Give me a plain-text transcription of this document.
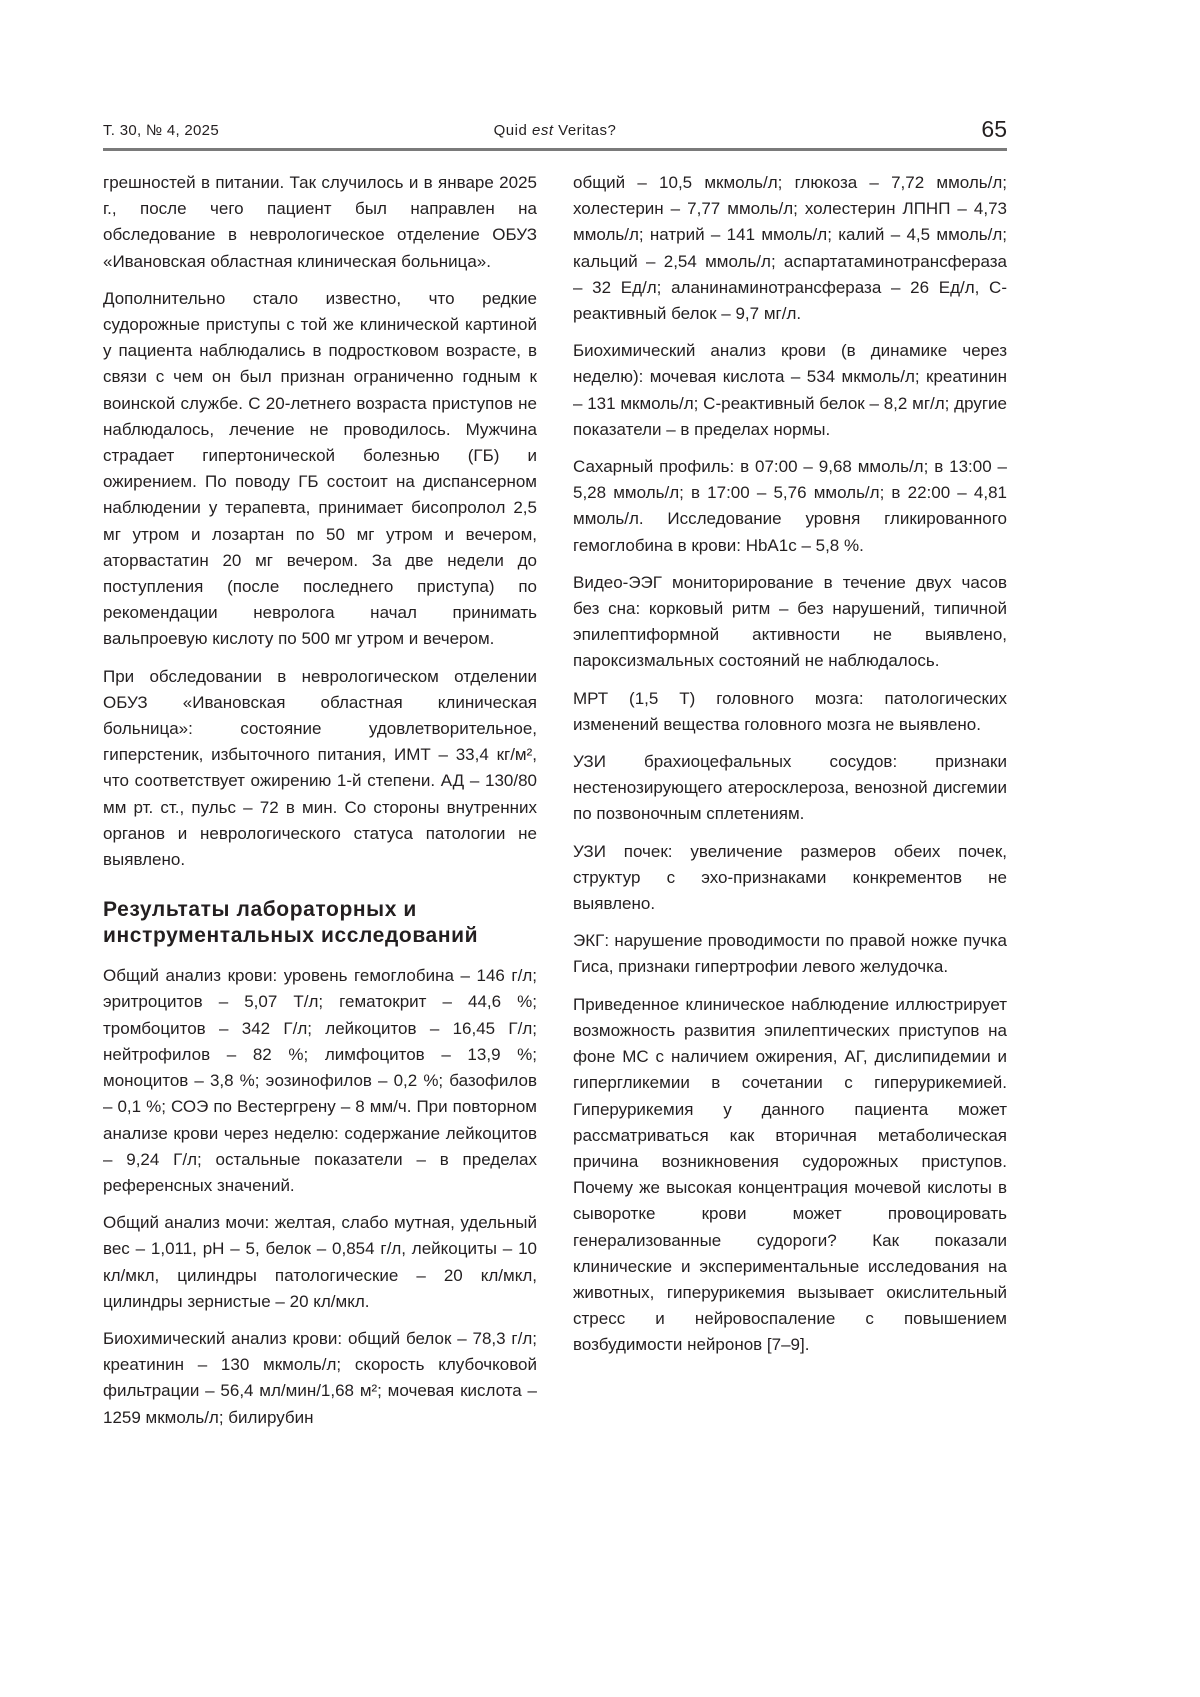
Т. 30, № 4, 2025	Quid est Veritas?	65

грешностей в питании. Так случилось и в январе 2025 г., после чего пациент был направлен на обследование в неврологическое отделение ОБУЗ «Ивановская областная клиническая больница».

Дополнительно стало известно, что редкие судорожные приступы с той же клинической картиной у пациента наблюдались в подростковом возрасте, в связи с чем он был признан ограниченно годным к воинской службе. С 20-летнего возраста приступов не наблюдалось, лечение не проводилось. Мужчина страдает гипертонической болезнью (ГБ) и ожирением. По поводу ГБ состоит на диспансерном наблюдении у терапевта, принимает бисопролол 2,5 мг утром и лозартан по 50 мг утром и вечером, аторвастатин 20 мг вечером. За две недели до поступления (после последнего приступа) по рекомендации невролога начал принимать вальпроевую кислоту по 500 мг утром и вечером.

При обследовании в неврологическом отделении ОБУЗ «Ивановская областная клиническая больница»: состояние удовлетворительное, гиперстеник, избыточного питания, ИМТ – 33,4 кг/м², что соответствует ожирению 1-й степени. АД – 130/80 мм рт. ст., пульс – 72 в мин. Со стороны внутренних органов и неврологического статуса патологии не выявлено.

Результаты лабораторных и инструментальных исследований

Общий анализ крови: уровень гемоглобина – 146 г/л; эритроцитов – 5,07 Т/л; гематокрит – 44,6 %; тромбоцитов – 342 Г/л; лейкоцитов – 16,45 Г/л; нейтрофилов – 82 %; лимфоцитов – 13,9 %; моноцитов – 3,8 %; эозинофилов – 0,2 %; базофилов – 0,1 %; СОЭ по Вестергрену – 8 мм/ч. При повторном анализе крови через неделю: содержание лейкоцитов – 9,24 Г/л; остальные показатели – в пределах референсных значений.

Общий анализ мочи: желтая, слабо мутная, удельный вес – 1,011, pH – 5, белок – 0,854 г/л, лейкоциты – 10 кл/мкл, цилиндры патологические – 20 кл/мкл, цилиндры зернистые – 20 кл/мкл.

Биохимический анализ крови: общий белок – 78,3 г/л; креатинин – 130 мкмоль/л; скорость клубочковой фильтрации – 56,4 мл/мин/1,68 м²; мочевая кислота – 1259 мкмоль/л; билирубин

общий – 10,5 мкмоль/л; глюкоза – 7,72 ммоль/л; холестерин – 7,77 ммоль/л; холестерин ЛПНП – 4,73 ммоль/л; натрий – 141 ммоль/л; калий – 4,5 ммоль/л; кальций – 2,54 ммоль/л; аспартатаминотрансфераза – 32 Ед/л; аланинаминотрансфераза – 26 Ед/л, С-реактивный белок – 9,7 мг/л.

Биохимический анализ крови (в динамике через неделю): мочевая кислота – 534 мкмоль/л; креатинин – 131 мкмоль/л; С-реактивный белок – 8,2 мг/л; другие показатели – в пределах нормы.

Сахарный профиль: в 07:00 – 9,68 ммоль/л; в 13:00 – 5,28 ммоль/л; в 17:00 – 5,76 ммоль/л; в 22:00 – 4,81 ммоль/л. Исследование уровня гликированного гемоглобина в крови: HbA1c – 5,8 %.

Видео-ЭЭГ мониторирование в течение двух часов без сна: корковый ритм – без нарушений, типичной эпилептиформной активности не выявлено, пароксизмальных состояний не наблюдалось.

МРТ (1,5 Т) головного мозга: патологических изменений вещества головного мозга не выявлено.

УЗИ брахиоцефальных сосудов: признаки нестенозирующего атеросклероза, венозной дисгемии по позвоночным сплетениям.

УЗИ почек: увеличение размеров обеих почек, структур с эхо-признаками конкрементов не выявлено.

ЭКГ: нарушение проводимости по правой ножке пучка Гиса, признаки гипертрофии левого желудочка.

Приведенное клиническое наблюдение иллюстрирует возможность развития эпилептических приступов на фоне МС с наличием ожирения, АГ, дислипидемии и гипергликемии в сочетании с гиперурикемией. Гиперурикемия у данного пациента может рассматриваться как вторичная метаболическая причина возникновения судорожных приступов. Почему же высокая концентрация мочевой кислоты в сыворотке крови может провоцировать генерализованные судороги? Как показали клинические и экспериментальные исследования на животных, гиперурикемия вызывает окислительный стресс и нейровоспаление с повышением возбудимости нейронов [7–9].
